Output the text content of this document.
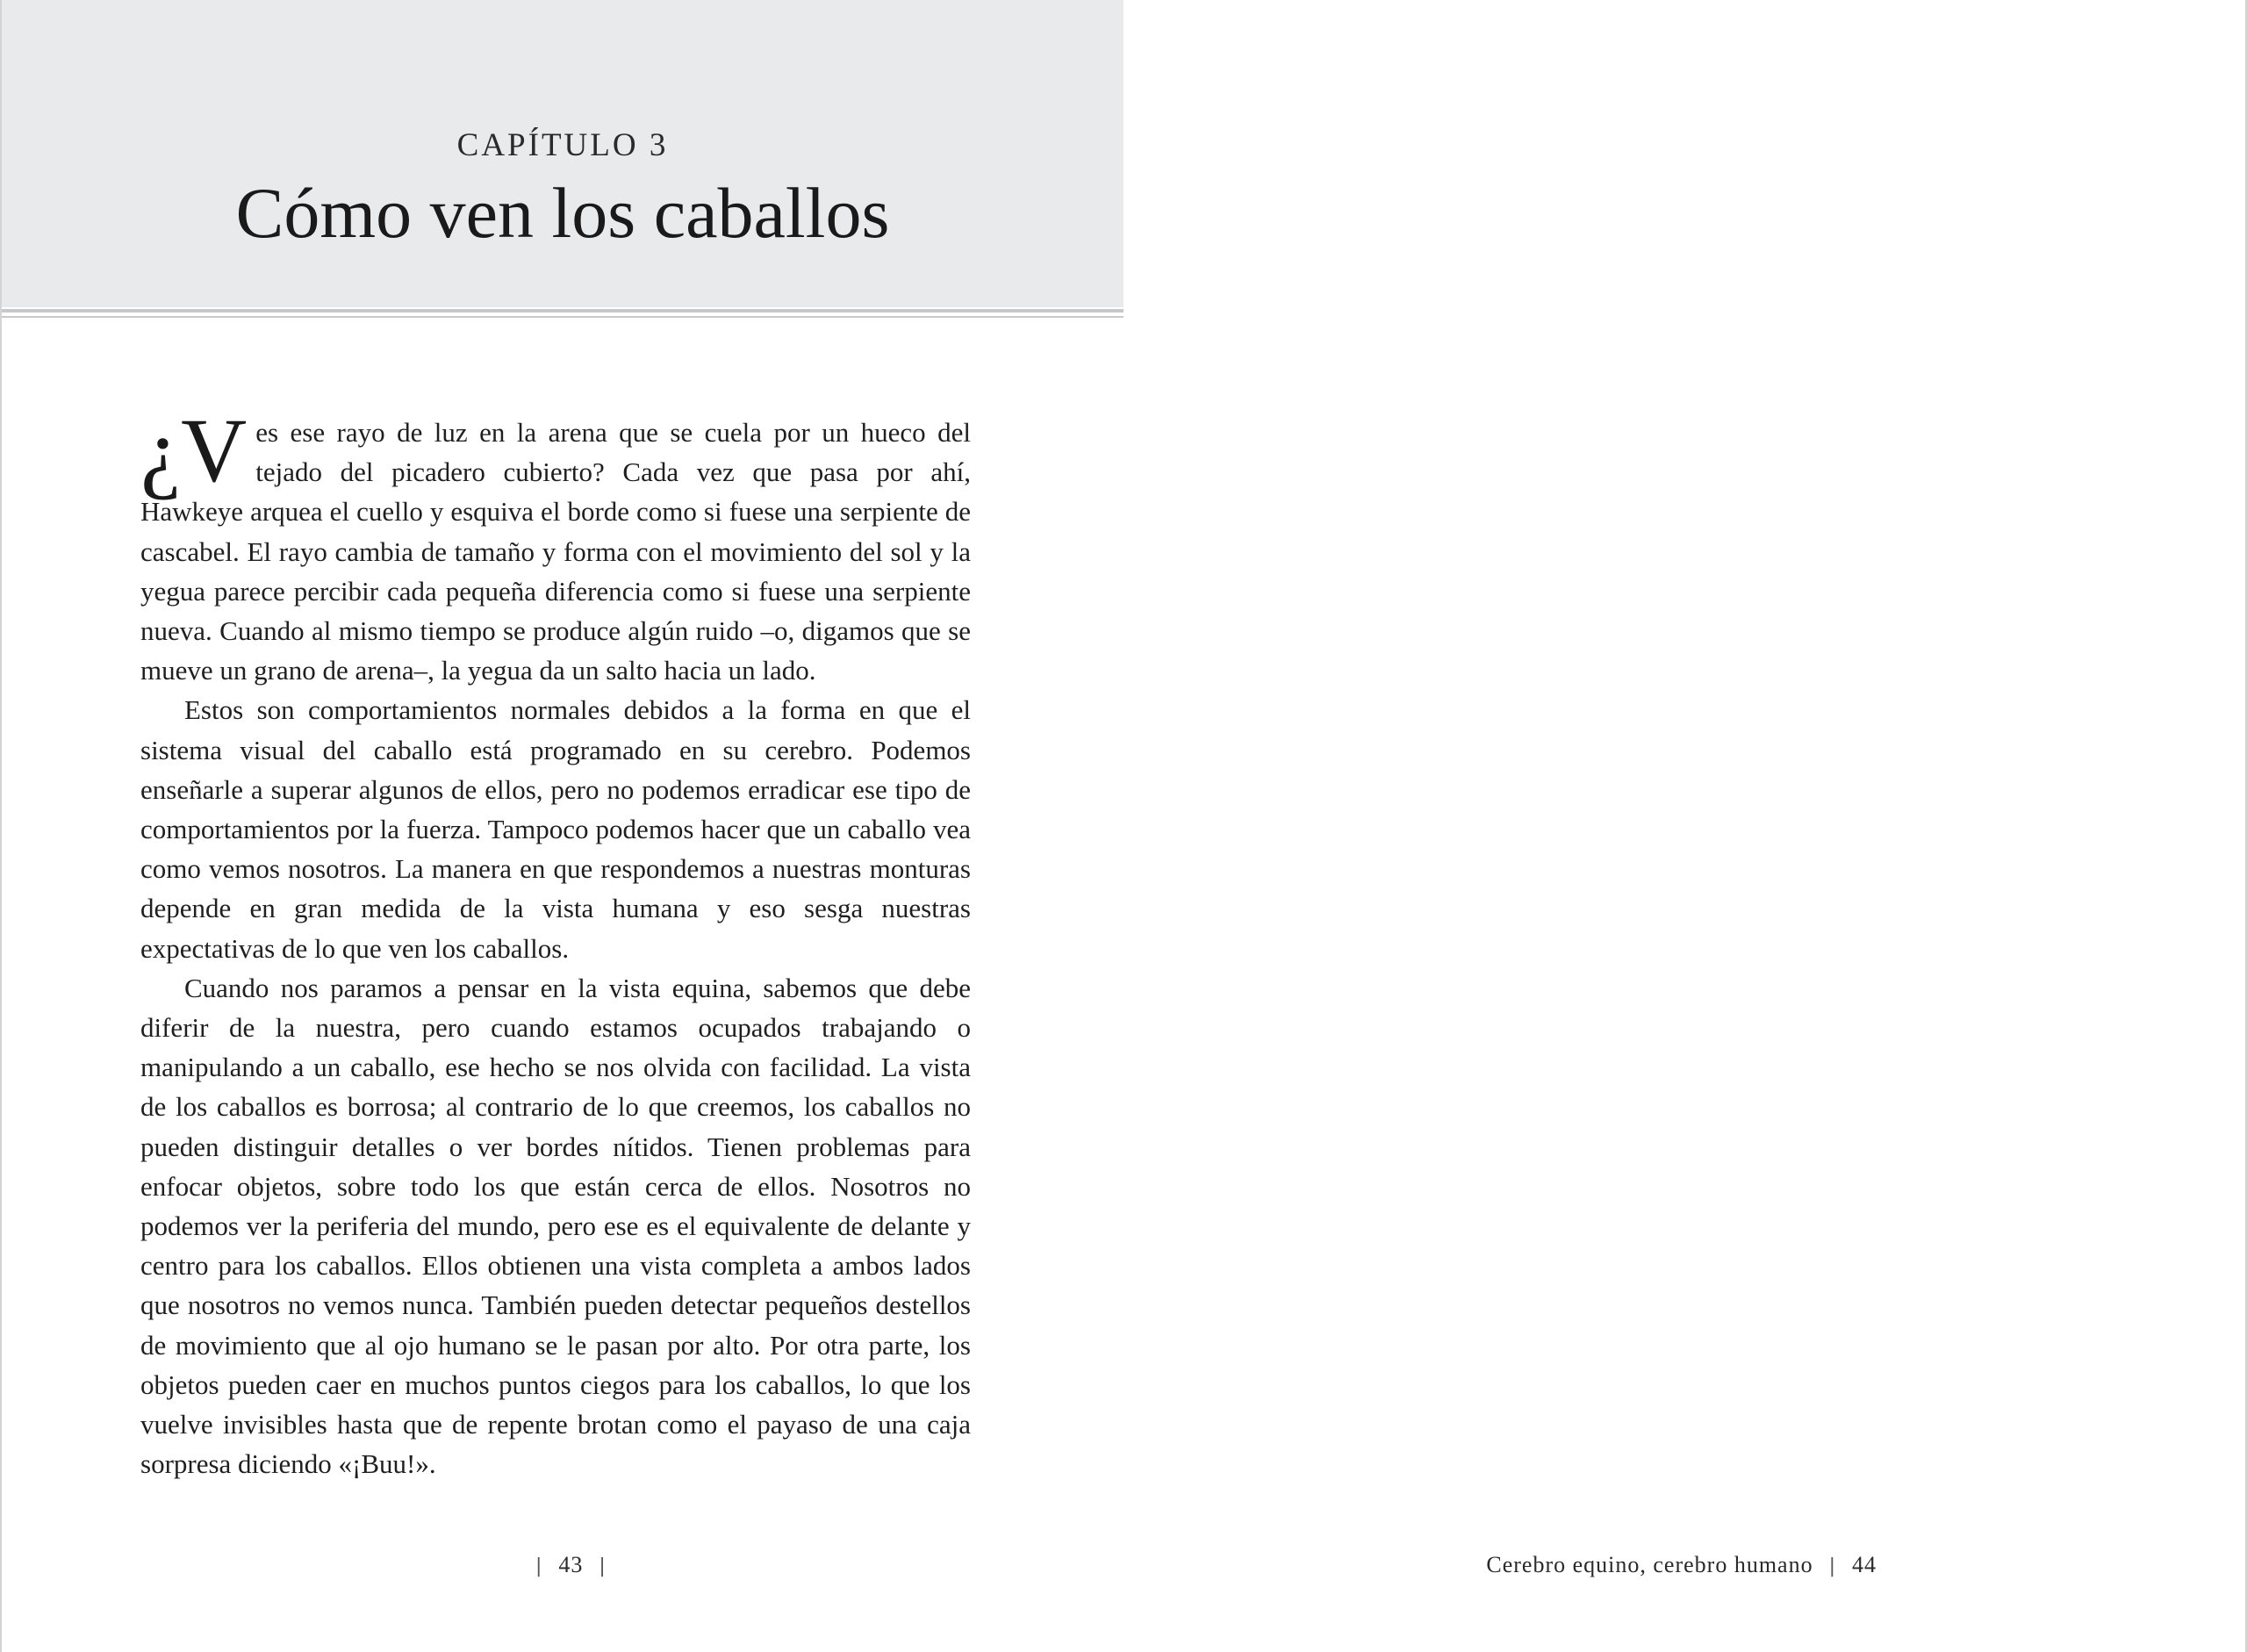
CAPÍTULO 3
Cómo ven los caballos

¿V es ese rayo de luz en la arena que se cuela por un hueco del tejado del picadero cubierto? Cada vez que pasa por ahí, Hawkeye arquea el cuello y esquiva el borde como si fuese una serpiente de cascabel. El rayo cambia de tamaño y forma con el movimiento del sol y la yegua parece percibir cada pequeña diferencia como si fuese una serpiente nueva. Cuando al mismo tiempo se produce algún ruido –o, digamos que se mueve un grano de arena–, la yegua da un salto hacia un lado.

Estos son comportamientos normales debidos a la forma en que el sistema visual del caballo está programado en su cerebro. Podemos enseñarle a superar algunos de ellos, pero no podemos erradicar ese tipo de comportamientos por la fuerza. Tampoco podemos hacer que un caballo vea como vemos nosotros. La manera en que respondemos a nuestras monturas depende en gran medida de la vista humana y eso sesga nuestras expectativas de lo que ven los caballos.

Cuando nos paramos a pensar en la vista equina, sabemos que debe diferir de la nuestra, pero cuando estamos ocupados trabajando o manipulando a un caballo, ese hecho se nos olvida con facilidad. La vista de los caballos es borrosa; al contrario de lo que creemos, los caballos no pueden distinguir detalles o ver bordes nítidos. Tienen problemas para enfocar objetos, sobre todo los que están cerca de ellos. Nosotros no podemos ver la periferia del mundo, pero ese es el equivalente de delante y centro para los caballos. Ellos obtienen una vista completa a ambos lados que nosotros no vemos nunca. También pueden detectar pequeños destellos de movimiento que al ojo humano se le pasan por alto. Por otra parte, los objetos pueden caer en muchos puntos ciegos para los caballos, lo que los vuelve invisibles hasta que de repente brotan como el payaso de una caja sorpresa diciendo «¡Buu!».

| 43 |	Cerebro equino, cerebro humano | 44
